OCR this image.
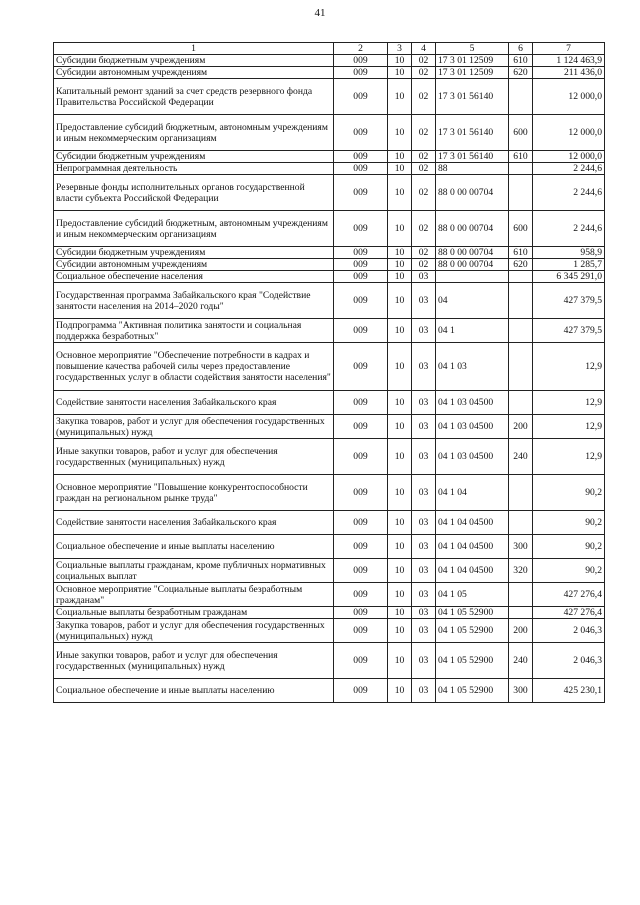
41
1	2	3	4	5	6	7
Субсидии бюджетным учреждениям	009	10	02	17 3 01 12509	610	1 124 463,9
Субсидии автономным учреждениям	009	10	02	17 3 01 12509	620	211 436,0
Капитальный ремонт зданий за счет средств резервного фонда Правительства Российской Федерации	009	10	02	17 3 01 56140		12 000,0
Предоставление субсидий бюджетным, автономным учреждениям и иным некоммерческим организациям	009	10	02	17 3 01 56140	600	12 000,0
Субсидии бюджетным учреждениям	009	10	02	17 3 01 56140	610	12 000,0
Непрограммная деятельность	009	10	02	88		2 244,6
Резервные фонды исполнительных органов государственной власти субъекта Российской Федерации	009	10	02	88 0 00 00704		2 244,6
Предоставление субсидий бюджетным, автономным учреждениям и иным некоммерческим организациям	009	10	02	88 0 00 00704	600	2 244,6
Субсидии бюджетным учреждениям	009	10	02	88 0 00 00704	610	958,9
Субсидии автономным учреждениям	009	10	02	88 0 00 00704	620	1 285,7
Социальное обеспечение населения	009	10	03			6 345 291,0
Государственная программа Забайкальского края "Содействие занятости населения на 2014–2020 годы"	009	10	03	04		427 379,5
Подпрограмма "Активная политика занятости и социальная поддержка безработных"	009	10	03	04 1		427 379,5
Основное мероприятие "Обеспечение потребности в кадрах и повышение качества рабочей силы через предоставление государственных услуг в области содействия занятости населения"	009	10	03	04 1 03		12,9
Содействие занятости населения Забайкальского края	009	10	03	04 1 03 04500		12,9
Закупка товаров, работ и услуг для обеспечения государственных (муниципальных) нужд	009	10	03	04 1 03 04500	200	12,9
Иные закупки товаров, работ и услуг для обеспечения государственных (муниципальных) нужд	009	10	03	04 1 03 04500	240	12,9
Основное мероприятие "Повышение конкурентоспособности граждан на региональном рынке труда"	009	10	03	04 1 04		90,2
Содействие занятости населения Забайкальского края	009	10	03	04 1 04 04500		90,2
Социальное обеспечение и иные выплаты населению	009	10	03	04 1 04 04500	300	90,2
Социальные выплаты гражданам, кроме публичных нормативных социальных выплат	009	10	03	04 1 04 04500	320	90,2
Основное мероприятие "Социальные выплаты безработным гражданам"	009	10	03	04 1 05		427 276,4
Социальные выплаты безработным гражданам	009	10	03	04 1 05 52900		427 276,4
Закупка товаров, работ и услуг для обеспечения государственных (муниципальных) нужд	009	10	03	04 1 05 52900	200	2 046,3
Иные закупки товаров, работ и услуг для обеспечения государственных (муниципальных) нужд	009	10	03	04 1 05 52900	240	2 046,3
Социальное обеспечение и иные выплаты населению	009	10	03	04 1 05 52900	300	425 230,1
